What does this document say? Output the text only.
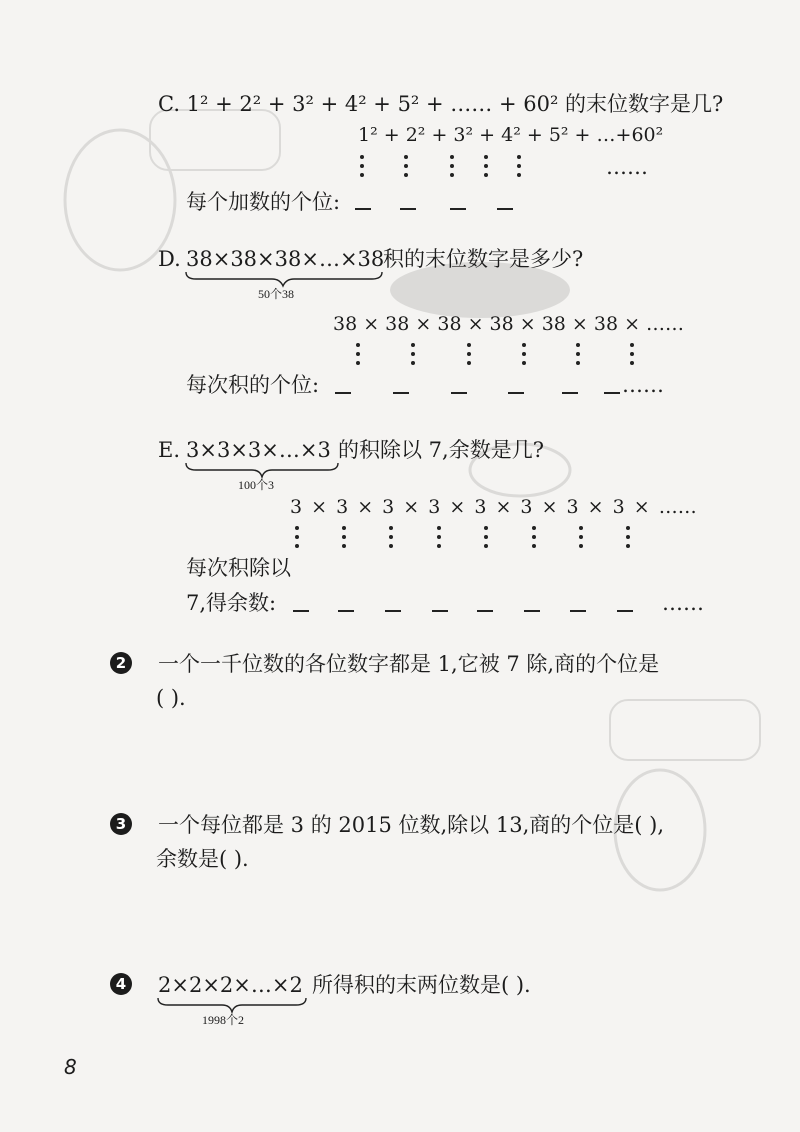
C. 1² + 2² + 3² + 4² + 5² + …… + 60² 的末位数字是几?
1² + 2² + 3² + 4² + 5² + …+60²
……
每个加数的个位:
D. 38×38×38×…×38
积的末位数字是多少?
50个38
38 × 38 × 38 × 38 × 38 × 38 × ……
每次积的个位:	……
E. 3×3×3×…×3 的积除以 7,余数是几?
100个3
3 × 3 × 3 × 3 × 3 × 3 × 3 × 3 × ……
每次积除以
7,得余数:	……
2 一个一千位数的各位数字都是 1,它被 7 除,商的个位是
( ).
3 一个每位都是 3 的 2015 位数,除以 13,商的个位是( ),
余数是( ).
4 2×2×2×…×2 所得积的末两位数是( ).
1998个2
8
